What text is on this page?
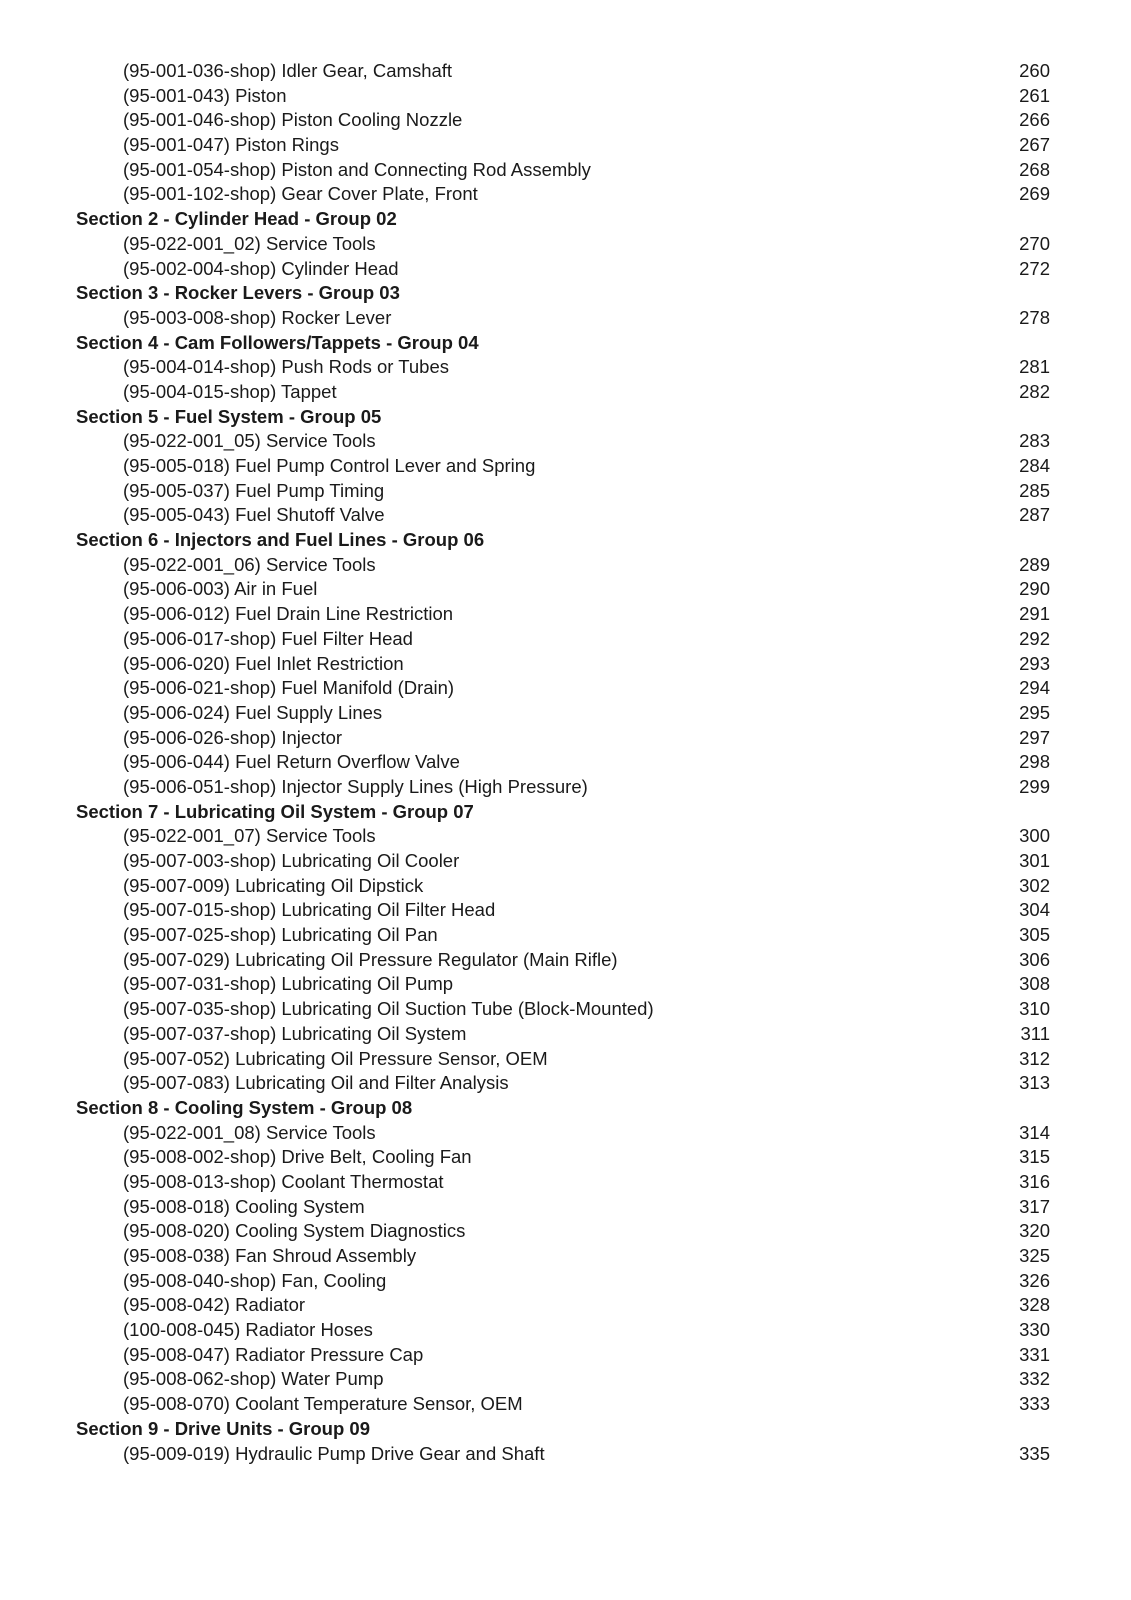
(95-001-036-shop) Idler Gear, Camshaft	260
(95-001-043) Piston	261
(95-001-046-shop) Piston Cooling Nozzle	266
(95-001-047) Piston Rings	267
(95-001-054-shop) Piston and Connecting Rod Assembly	268
(95-001-102-shop) Gear Cover Plate, Front	269
Section 2 - Cylinder Head - Group 02
(95-022-001_02) Service Tools	270
(95-002-004-shop) Cylinder Head	272
Section 3 - Rocker Levers - Group 03
(95-003-008-shop) Rocker Lever	278
Section 4 - Cam Followers/Tappets - Group 04
(95-004-014-shop) Push Rods or Tubes	281
(95-004-015-shop) Tappet	282
Section 5 - Fuel System - Group 05
(95-022-001_05) Service Tools	283
(95-005-018) Fuel Pump Control Lever and Spring	284
(95-005-037) Fuel Pump Timing	285
(95-005-043) Fuel Shutoff Valve	287
Section 6 - Injectors and Fuel Lines - Group 06
(95-022-001_06) Service Tools	289
(95-006-003) Air in Fuel	290
(95-006-012) Fuel Drain Line Restriction	291
(95-006-017-shop) Fuel Filter Head	292
(95-006-020) Fuel Inlet Restriction	293
(95-006-021-shop) Fuel Manifold (Drain)	294
(95-006-024) Fuel Supply Lines	295
(95-006-026-shop) Injector	297
(95-006-044) Fuel Return Overflow Valve	298
(95-006-051-shop) Injector Supply Lines (High Pressure)	299
Section 7 - Lubricating Oil System - Group 07
(95-022-001_07) Service Tools	300
(95-007-003-shop) Lubricating Oil Cooler	301
(95-007-009) Lubricating Oil Dipstick	302
(95-007-015-shop) Lubricating Oil Filter Head	304
(95-007-025-shop) Lubricating Oil Pan	305
(95-007-029) Lubricating Oil Pressure Regulator (Main Rifle)	306
(95-007-031-shop) Lubricating Oil Pump	308
(95-007-035-shop) Lubricating Oil Suction Tube (Block-Mounted)	310
(95-007-037-shop) Lubricating Oil System	311
(95-007-052) Lubricating Oil Pressure Sensor, OEM	312
(95-007-083) Lubricating Oil and Filter Analysis	313
Section 8 - Cooling System - Group 08
(95-022-001_08) Service Tools	314
(95-008-002-shop) Drive Belt, Cooling Fan	315
(95-008-013-shop) Coolant Thermostat	316
(95-008-018) Cooling System	317
(95-008-020) Cooling System Diagnostics	320
(95-008-038) Fan Shroud Assembly	325
(95-008-040-shop) Fan, Cooling	326
(95-008-042) Radiator	328
(100-008-045) Radiator Hoses	330
(95-008-047) Radiator Pressure Cap	331
(95-008-062-shop) Water Pump	332
(95-008-070) Coolant Temperature Sensor, OEM	333
Section 9 - Drive Units - Group 09
(95-009-019) Hydraulic Pump Drive Gear and Shaft	335
